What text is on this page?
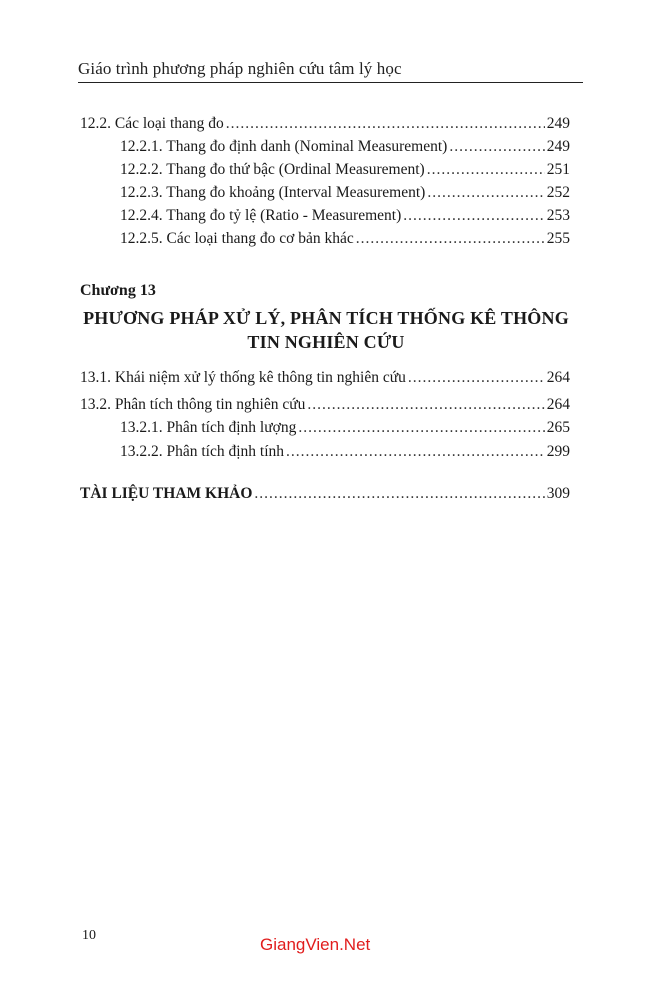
Giáo trình phương pháp nghiên cứu tâm lý học
12.2. Các loại thang đo .....	249
12.2.1. Thang đo định danh (Nominal Measurement) .....	249
12.2.2. Thang đo thứ bậc (Ordinal Measurement) .....	251
12.2.3. Thang đo khoảng (Interval Measurement) .....	252
12.2.4. Thang đo tỷ lệ (Ratio - Measurement) .....	253
12.2.5. Các loại thang đo cơ bản khác .....	255
Chương 13
PHƯƠNG PHÁP XỬ LÝ, PHÂN TÍCH THỐNG KÊ THÔNG
TIN NGHIÊN CỨU
13.1. Khái niệm xử lý thống kê thông tin nghiên cứu .....	264
13.2. Phân tích thông tin nghiên cứu .....	264
13.2.1. Phân tích định lượng .....	265
13.2.2. Phân tích định tính .....	299
TÀI LIỆU THAM KHẢO .....	309
10	GiangVien.Net
